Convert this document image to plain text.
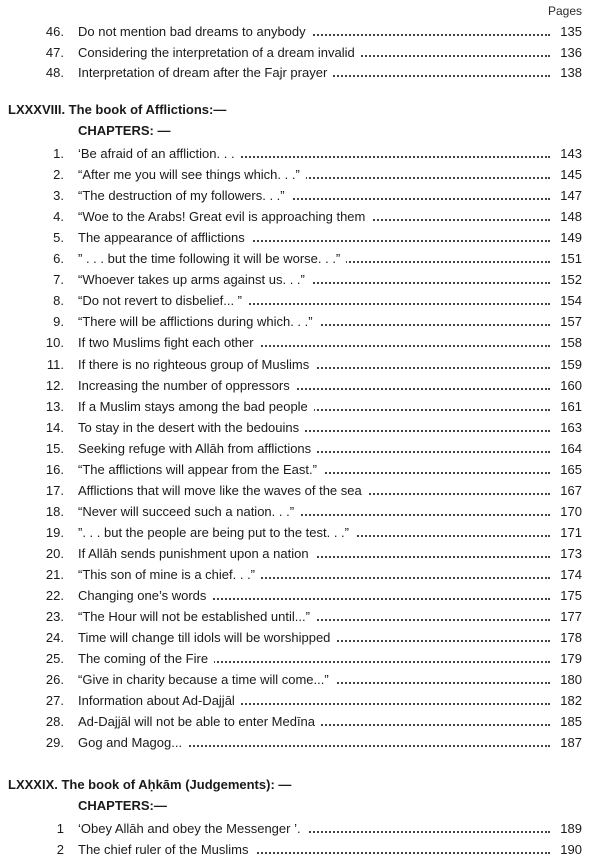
Pages
46. Do not mention bad dreams to anybody	135
47. Considering the interpretation of a dream invalid	136
48. Interpretation of dream after the Fajr prayer	138
LXXXVIII. The book of Afflictions:—
CHAPTERS: —
1. ‘Be afraid of an affliction. . .	143
2. “After me you will see things which. . .”	145
3. “The destruction of my followers. . .”	147
4. “Woe to the Arabs! Great evil is approaching them	148
5. The appearance of afflictions	149
6. ” . . . but the time following it will be worse. . .”	151
7. “Whoever takes up arms against us. . .”	152
8. “Do not revert to disbelief... ”	154
9. “There will be afflictions during which. . .”	157
10. If two Muslims fight each other	158
11. If there is no righteous group of Muslims	159
12. Increasing the number of oppressors	160
13. If a Muslim stays among the bad people	161
14. To stay in the desert with the bedouins	163
15. Seeking refuge with Allāh from afflictions	164
16. “The afflictions will appear from the East.”	165
17. Afflictions that will move like the waves of the sea	167
18. “Never will succeed such a nation. . .”	170
19. ”. . . but the people are being put to the test. . .”	171
20. If Allāh sends punishment upon a nation	173
21. “This son of mine is a chief. . .”	174
22. Changing one’s words	175
23. “The Hour will not be established until...”	177
24. Time will change till idols will be worshipped	178
25. The coming of the Fire	179
26. “Give in charity because a time will come...”	180
27. Information about Ad-Dajjāl	182
28. Ad-Dajjāl will not be able to enter Medīna	185
29. Gog and Magog...	187
LXXXIX. The book of Aḥkām (Judgements): —
CHAPTERS:—
1 ‘Obey Allāh and obey the Messenger ’.	189
2 The chief ruler of the Muslims	190
